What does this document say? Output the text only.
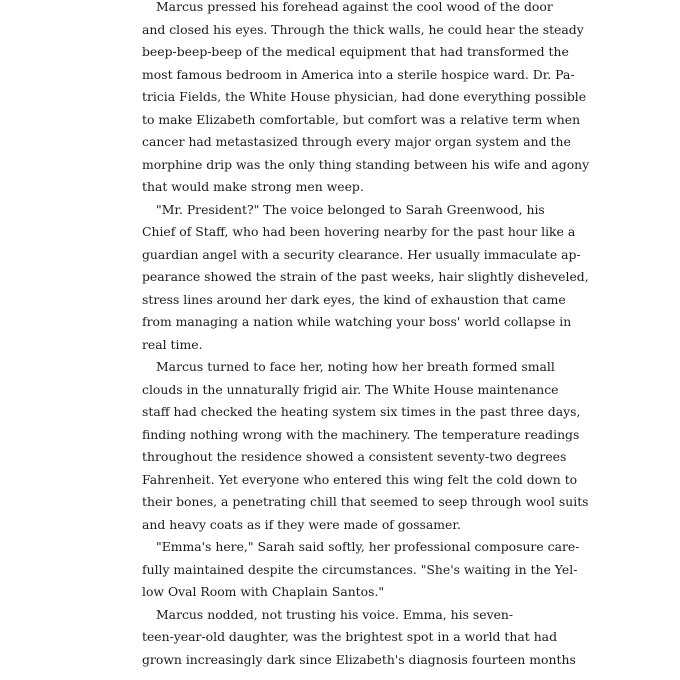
Marcus pressed his forehead against the cool wood of the door
and closed his eyes. Through the thick walls, he could hear the steady
beep-beep-beep of the medical equipment that had transformed the
most famous bedroom in America into a sterile hospice ward. Dr. Pa-
tricia Fields, the White House physician, had done everything possible
to make Elizabeth comfortable, but comfort was a relative term when
cancer had metastasized through every major organ system and the
morphine drip was the only thing standing between his wife and agony
that would make strong men weep.
"Mr. President?" The voice belonged to Sarah Greenwood, his
Chief of Staff, who had been hovering nearby for the past hour like a
guardian angel with a security clearance. Her usually immaculate ap-
pearance showed the strain of the past weeks, hair slightly disheveled,
stress lines around her dark eyes, the kind of exhaustion that came
from managing a nation while watching your boss' world collapse in
real time.
Marcus turned to face her, noting how her breath formed small
clouds in the unnaturally frigid air. The White House maintenance
staff had checked the heating system six times in the past three days,
finding nothing wrong with the machinery. The temperature readings
throughout the residence showed a consistent seventy-two degrees
Fahrenheit. Yet everyone who entered this wing felt the cold down to
their bones, a penetrating chill that seemed to seep through wool suits
and heavy coats as if they were made of gossamer.
"Emma's here," Sarah said softly, her professional composure care-
fully maintained despite the circumstances. "She's waiting in the Yel-
low Oval Room with Chaplain Santos."
Marcus nodded, not trusting his voice. Emma, his seven-
teen-year-old daughter, was the brightest spot in a world that had
grown increasingly dark since Elizabeth's diagnosis fourteen months
